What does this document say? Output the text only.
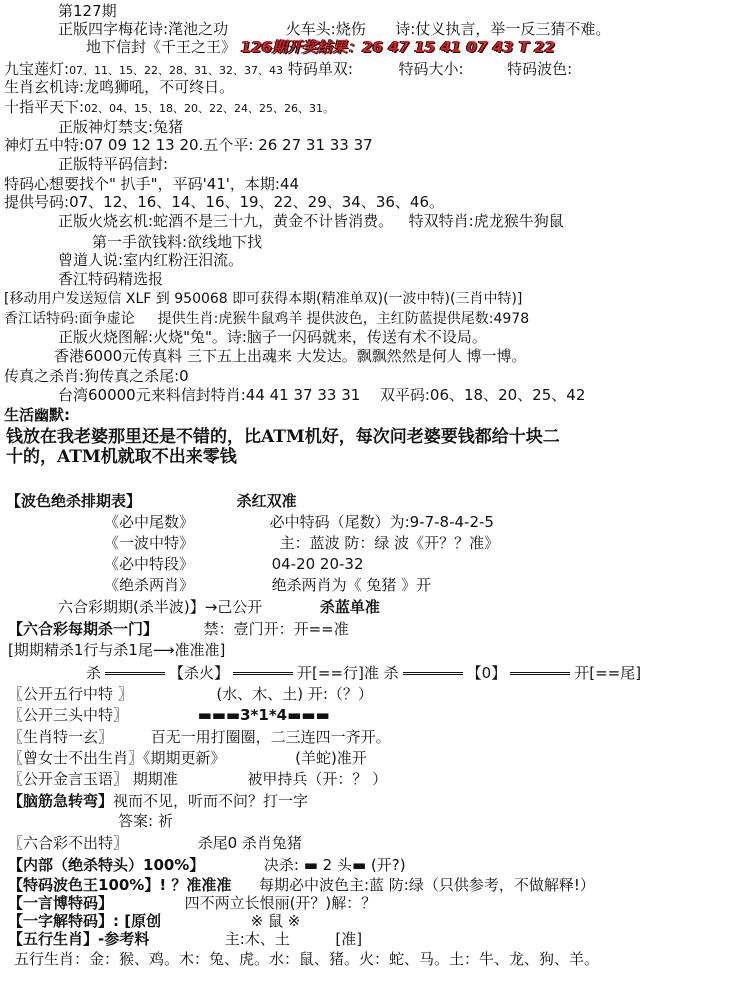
第127期
正版四字梅花诗:滗池之功	火车头:烧伤 诗:仗义执言，举一反三猜不难。
地下信封《千王之王》 126期开奖结果：26 47 15 41 07 43 T 22
九宝莲灯:07、11、15、22、28、31、32、37、43 特码单双:	特码大小:	特码波色:
生肖玄机诗:龙鸣狮吼，不可终日。
十指平天下:02、04、15、18、20、22、24、25、26、31。
正版神灯禁支:兔猪
神灯五中特:07 09 12 13 20.五个平: 26 27 31 33 37
正版特平码信封:
特码心想要找个" 扒手"，平码'41'，本期:44
提供号码:07、12、16、14、16、19、22、29、34、36、46。
正版火烧玄机:蛇酒不是三十九，黄金不计皆消费。 特双特肖:虎龙猴牛狗鼠
第一手欲钱料:欲线地下找
曾道人说:室内红粉汪汨流。
香江特码精选报
[移动用户发送短信 XLF 到 950068 即可获得本期(精准单双)(一波中特)(三肖中特)]
香江话特码:面争虚论 提供生肖:虎猴牛鼠鸡羊 提供波色，主红防蓝提供尾数:4978
正版火烧图解:火烧"兔"。诗:脑子一闪码就来，传送有术不设局。
香港6000元传真料 三下五上出魂来 大发达。飘飘然然是何人 博一博。
传真之杀肖:狗传真之杀尾:0
台湾60000元来料信封特肖:44 41 37 33 31 双平码:06、18、20、25、42
生活幽默:
钱放在我老婆那里还是不错的，比ATM机好，每次问老婆要钱都给十块二
十的，ATM机就取不出来零钱
【波色绝杀排期表】	杀红双准
《必中尾数》	必中特码（尾数）为:9-7-8-4-2-5
《一波中特》	主：蓝波 防：绿 波《开？？准》
《必中特段》	04-20 20-32
《绝杀两肖》	绝杀两肖为《 兔猪 》开
六合彩期期(杀半波)】→己公开	杀蓝单准
【六合彩每期杀一门】	禁：壹门开：开==准
[期期精杀1行与杀1尾⟶准准准]
杀	【杀火】	开[==行]准 杀	【0】	开[==尾]
〖公开五行中特 〗	(水、木、土) 开:（？）
〖公开三头中特〗	▬▬▬3*1*4▬▬▬
〖生肖特一玄〗	百无一用打圈圈，二三连四一齐开。
〖曾女士不出生肖〗《期期更新》	(羊蛇)准开
〖公开金言玉语〗 期期准	被甲持兵（开：？ ）
【脑筋急转弯】视而不见，听而不问？打一字
答案: 祈
〖六合彩不出特〗	杀尾0 杀肖兔猪
【内部（绝杀特头）100%】	决杀: ▬ 2 头▬ (开?)
【特码波色王100%】! ？准准准 每期必中波色主:蓝 防:绿（只供参考，不做解释!）
【一言博特码】	四不两立长恨丽(开？)解：？
【一字解特码】: [原创	※ 鼠 ※
【五行生肖】-参考料	主:木、土	[准]
五行生肖：金：猴、鸡。木：兔、虎。水：鼠、猪。火：蛇、马。土：牛、龙、狗、羊。
